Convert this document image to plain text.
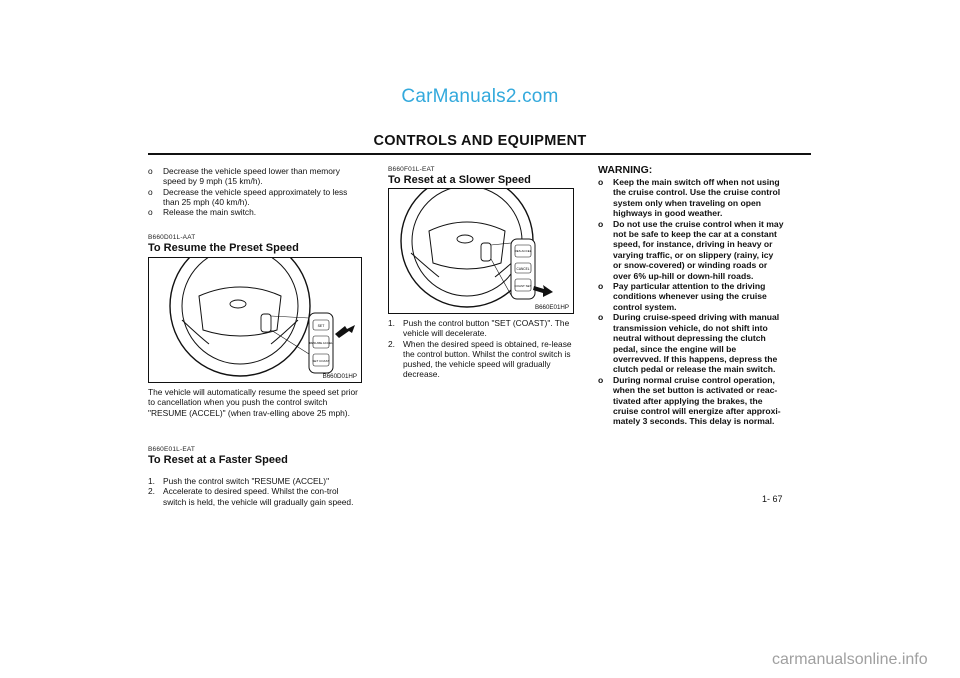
CarManuals2.com
CONTROLS AND EQUIPMENT
o Decrease the vehicle speed lower than memory speed by 9 mph (15 km/h).
o Decrease the vehicle speed approximately to less than 25 mph (40 km/h).
o Release the main switch.
B660D01L-AAT
To Resume the Preset Speed
SET
RESUME ACCEL
SET COAST
B660D01HP
The vehicle will automatically resume the speed set prior to cancellation when you push the control switch "RESUME (ACCEL)" (when trav-elling above 25 mph).
B660E01L-EAT
To Reset at a Faster Speed
1. Push the control switch "RESUME (ACCEL)"
2. Accelerate to desired speed. Whilst the con-trol switch is held, the vehicle will gradually gain speed.
B660F01L-EAT
To Reset at a Slower Speed
RES ACCEL
CANCEL
COAST SET
B660E01HP
1. Push the control button "SET (COAST)". The vehicle will decelerate.
2. When the desired speed is obtained, re-lease the control button. Whilst the control switch is pushed, the vehicle speed will gradually decrease.
WARNING:
o Keep the main switch off when not using the cruise control. Use the cruise control system only when traveling on open highways in good weather.
o Do not use the cruise control when it may not be safe to keep the car at a constant speed, for instance, driving in heavy or varying traffic, or on slippery (rainy, icy or snow-covered) or winding roads or over 6% up-hill or down-hill roads.
o Pay particular attention to the driving conditions whenever using the cruise control system.
o During cruise-speed driving with manual transmission vehicle, do not shift into neutral without depressing the clutch pedal, since the engine will be overrevved. If this happens, depress the clutch pedal or release the main switch.
o During normal cruise control operation, when the set button is activated or reac-tivated after applying the brakes, the cruise control will energize after approxi-mately 3 seconds. This delay is normal.
1- 67
carmanualsonline.info
